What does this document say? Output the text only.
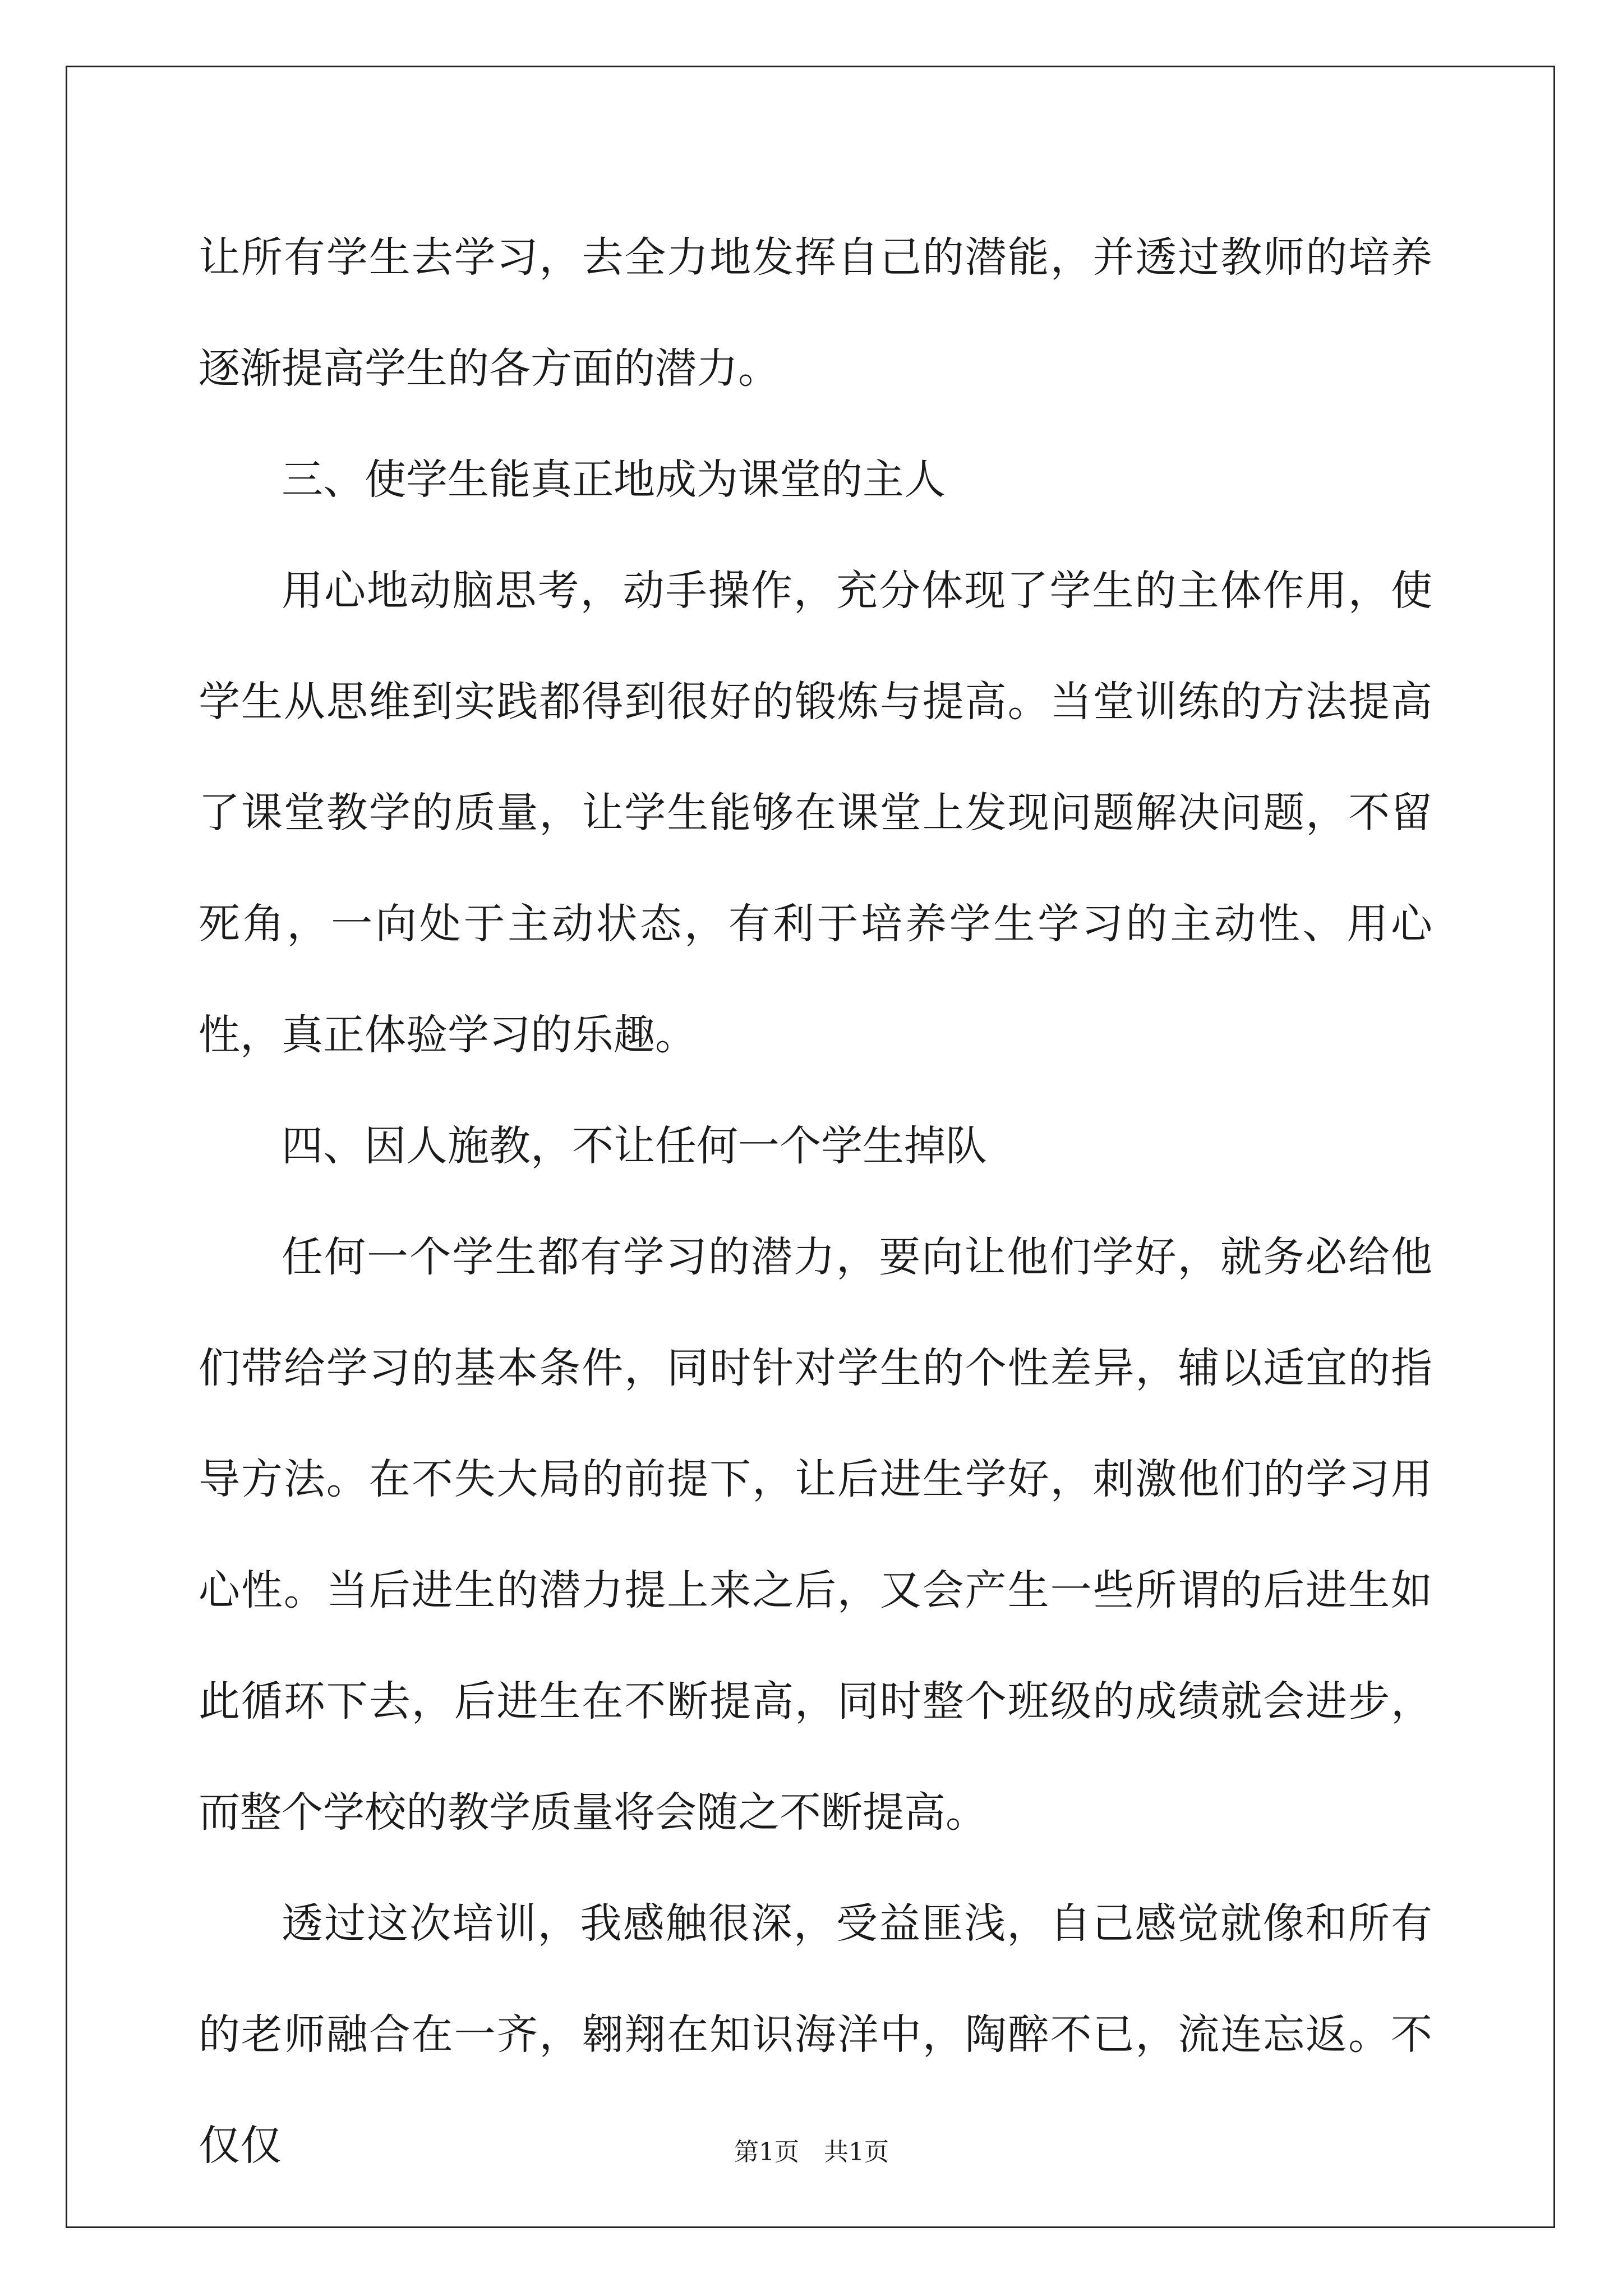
让所有学生去学习，去全力地发挥自己的潜能，并透过教师的培养逐渐提高学生的各方面的潜力。

三、使学生能真正地成为课堂的主人

用心地动脑思考，动手操作，充分体现了学生的主体作用，使学生从思维到实践都得到很好的锻炼与提高。当堂训练的方法提高了课堂教学的质量，让学生能够在课堂上发现问题解决问题，不留死角，一向处于主动状态，有利于培养学生学习的主动性、用心性，真正体验学习的乐趣。

四、因人施教，不让任何一个学生掉队

任何一个学生都有学习的潜力，要向让他们学好，就务必给他们带给学习的基本条件，同时针对学生的个性差异，辅以适宜的指导方法。在不失大局的前提下，让后进生学好，刺激他们的学习用心性。当后进生的潜力提上来之后，又会产生一些所谓的后进生如此循环下去，后进生在不断提高，同时整个班级的成绩就会进步，而整个学校的教学质量将会随之不断提高。

透过这次培训，我感触很深，受益匪浅，自己感觉就像和所有的老师融合在一齐，翱翔在知识海洋中，陶醉不已，流连忘返。不仅仅	第1页 共1页
